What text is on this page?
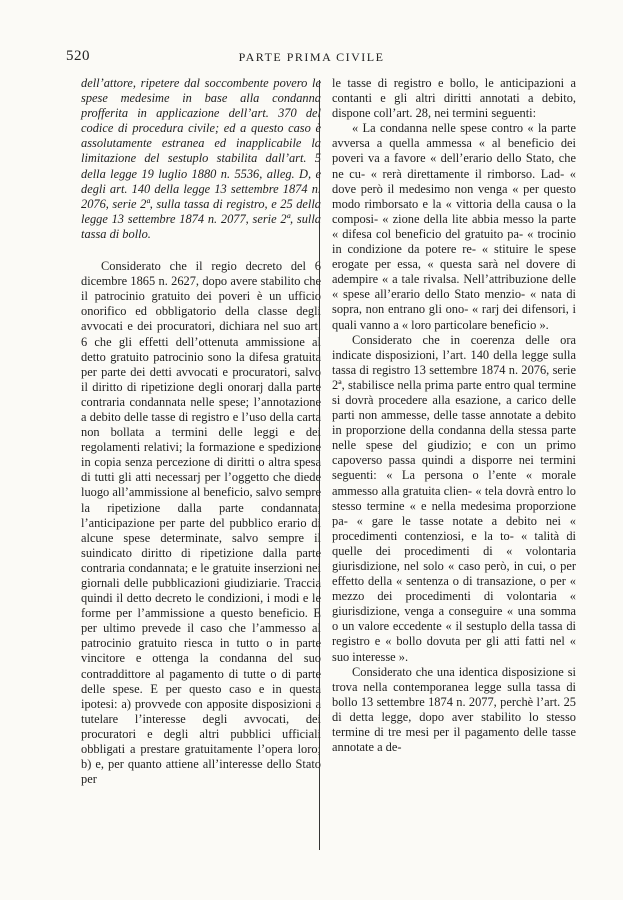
520	PARTE PRIMA CIVILE

dell’attore, ripetere dal soccombente povero le spese medesime in base alla condanna profferita in applicazione dell’art. 370 del codice di procedura civile; ed a questo caso è assolutamente estranea ed inapplicabile la limitazione del sestuplo stabilita dall’art. 5 della legge 19 luglio 1880 n. 5536, alleg. D, e degli art. 140 della legge 13 settembre 1874 n. 2076, serie 2ª, sulla tassa di registro, e 25 della legge 13 settembre 1874 n. 2077, serie 2ª, sulla tassa di bollo.

Considerato che il regio decreto del 6 dicembre 1865 n. 2627, dopo avere stabilito che il patrocinio gratuito dei poveri è un ufficio onorifico ed obbligatorio della classe degli avvocati e dei procuratori, dichiara nel suo art. 6 che gli effetti dell’ottenuta ammissione al detto gratuito patrocinio sono la difesa gratuita per parte dei detti avvocati e procuratori, salvo il diritto di ripetizione degli onorarj dalla parte contraria condannata nelle spese; l’annotazione a debito delle tasse di registro e l’uso della carta non bollata a termini delle leggi e dei regolamenti relativi; la formazione e spedizione in copia senza percezione di diritti o altra spesa di tutti gli atti necessarj per l’oggetto che diede luogo all’ammissione al beneficio, salvo sempre la ripetizione dalla parte condannata; l’anticipazione per parte del pubblico erario di alcune spese determinate, salvo sempre il suindicato diritto di ripetizione dalla parte contraria condannata; e le gratuite inserzioni nei giornali delle pubblicazioni giudiziarie. Traccia quindi il detto decreto le condizioni, i modi e le forme per l’ammissione a questo beneficio. E per ultimo prevede il caso che l’ammesso al patrocinio gratuito riesca in tutto o in parte vincitore e ottenga la condanna del suo contraddittore al pagamento di tutte o di parte delle spese. E per questo caso e in questa ipotesi: a) provvede con apposite disposizioni a tutelare l’interesse degli avvocati, dei procuratori e degli altri pubblici ufficiali obbligati a prestare gratuitamente l’opera loro; b) e, per quanto attiene all’interesse dello Stato per

le tasse di registro e bollo, le anticipazioni a contanti e gli altri diritti annotati a debito, dispone coll’art. 28, nei termini seguenti:

« La condanna nelle spese contro « la parte avversa a quella ammessa « al beneficio dei poveri va a favore « dell’erario dello Stato, che ne cu- « rerà direttamente il rimborso. Lad- « dove però il medesimo non venga « per questo modo rimborsato e la « vittoria della causa o la composi- « zione della lite abbia messo la parte « difesa col beneficio del gratuito pa- « trocinio in condizione da potere re- « stituire le spese erogate per essa, « questa sarà nel dovere di adempire « a tale rivalsa. Nell’attribuzione delle « spese all’erario dello Stato menzio- « nata di sopra, non entrano gli ono- « rarj dei difensori, i quali vanno a « loro particolare beneficio ».

Considerato che in coerenza delle ora indicate disposizioni, l’art. 140 della legge sulla tassa di registro 13 settembre 1874 n. 2076, serie 2ª, stabilisce nella prima parte entro qual termine si dovrà procedere alla esazione, a carico delle parti non ammesse, delle tasse annotate a debito in proporzione della condanna della stessa parte nelle spese del giudizio; e con un primo capoverso passa quindi a disporre nei termini seguenti: « La persona o l’ente « morale ammesso alla gratuita clien- « tela dovrà entro lo stesso termine « e nella medesima proporzione pa- « gare le tasse notate a debito nei « procedimenti contenziosi, e la to- « talità di quelle dei procedimenti di « volontaria giurisdizione, nel solo « caso però, in cui, o per effetto della « sentenza o di transazione, o per « mezzo dei procedimenti di volontaria « giurisdizione, venga a conseguire « una somma o un valore eccedente « il sestuplo della tassa di registro e « bollo dovuta per gli atti fatti nel « suo interesse ».

Considerato che una identica disposizione si trova nella contemporanea legge sulla tassa di bollo 13 settembre 1874 n. 2077, perchè l’art. 25 di detta legge, dopo aver stabilito lo stesso termine di tre mesi per il pagamento delle tasse annotate a de-
